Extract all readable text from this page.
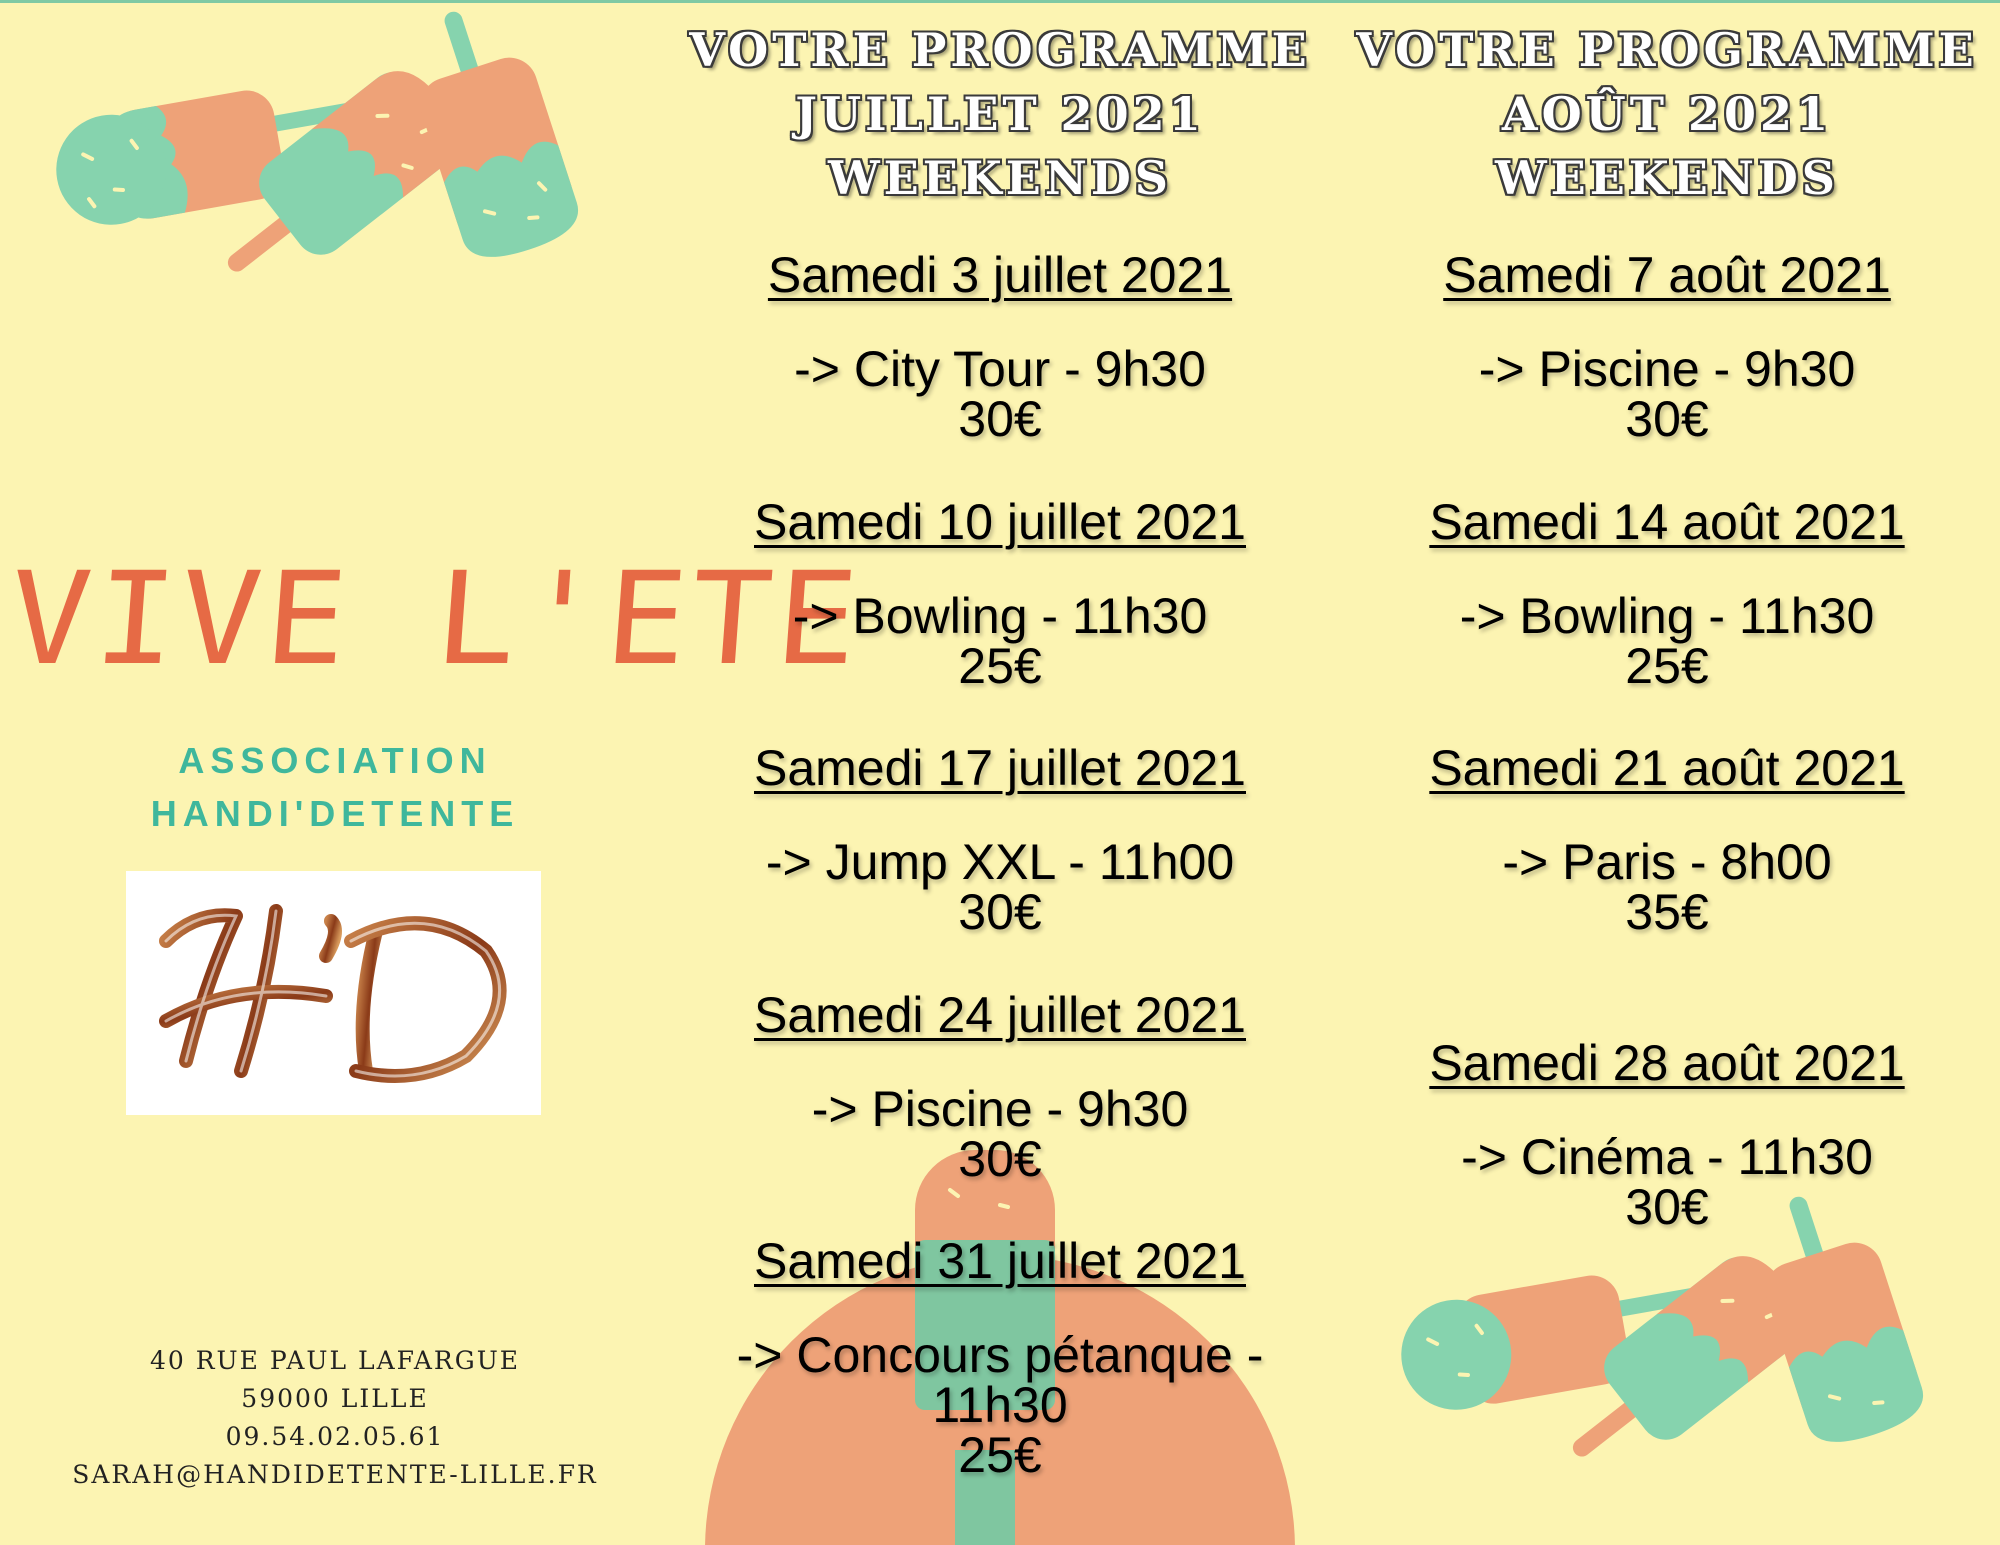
VIVE L'ETE
ASSOCIATION
HANDI'DETENTE
40 RUE PAUL LAFARGUE
59000 LILLE
09.54.02.05.61
SARAH@HANDIDETENTE-LILLE.FR
VOTRE PROGRAMME
JUILLET 2021
WEEKENDS
Samedi 3 juillet 2021
-> City Tour - 9h30
30€
Samedi 10 juillet 2021
-> Bowling - 11h30
25€
Samedi 17 juillet 2021
-> Jump XXL - 11h00
30€
Samedi 24 juillet 2021
-> Piscine - 9h30
30€
Samedi 31 juillet 2021
-> Concours pétanque -
11h30
25€
VOTRE PROGRAMME
AOÛT 2021
WEEKENDS
Samedi 7 août 2021
-> Piscine - 9h30
30€
Samedi 14 août 2021
-> Bowling - 11h30
25€
Samedi 21 août 2021
-> Paris - 8h00
35€
Samedi 28 août 2021
-> Cinéma - 11h30
30€
